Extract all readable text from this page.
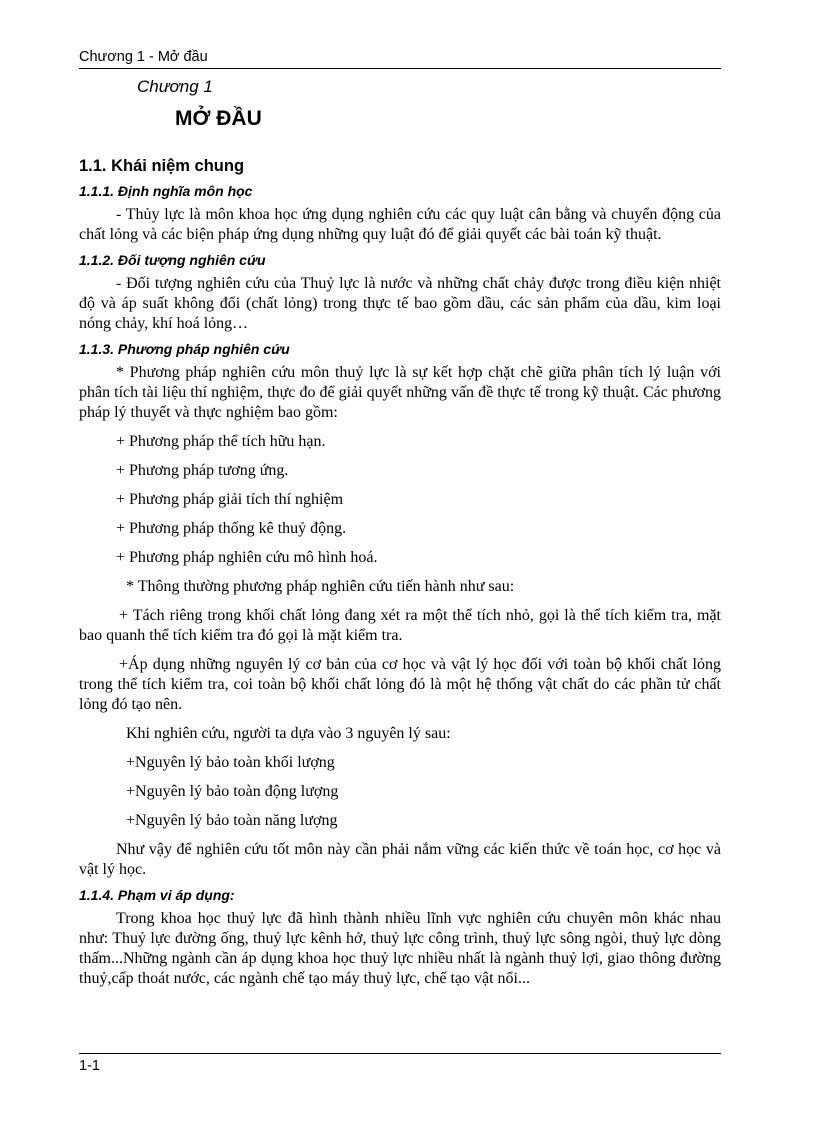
Chương 1 - Mở đầu
Chương 1
MỞ ĐẦU
1.1. Khái niệm chung
1.1.1. Định nghĩa môn học

- Thủy lực là môn khoa học ứng dụng nghiên cứu các quy luật cân bằng và chuyển động của chất lỏng và các biện pháp ứng dụng những quy luật đó để giải quyết các bài toán kỹ thuật.

1.1.2. Đối tượng nghiên cứu

- Đối tượng nghiên cứu của Thuỷ lực là nước và những chất chảy được trong điều kiện nhiệt độ và áp suất không đổi (chất lỏng) trong thực tế bao gồm dầu, các sản phẩm của dầu, kim loại nóng chảy, khí hoá lỏng…

1.1.3. Phương pháp nghiên cứu

* Phương pháp nghiên cứu môn thuỷ lực là sự kết hợp chặt chẽ giữa phân tích lý luận với phân tích tài liệu thí nghiệm, thực đo để giải quyết những vấn đề thực tế trong kỹ thuật. Các phương pháp lý thuyết và thực nghiệm bao gồm:

+ Phương pháp thể tích hữu hạn.

+ Phương pháp tương ứng.

+ Phương pháp giải tích thí nghiệm

+ Phương pháp thống kê thuỷ động.

+ Phương pháp nghiên cứu mô hình hoá.

* Thông thường phương pháp nghiên cứu tiến hành như sau:

+ Tách riêng trong khối chất lỏng đang xét ra một thể tích nhỏ, gọi là thể tích kiểm tra, mặt bao quanh thể tích kiểm tra đó gọi là mặt kiểm tra.

+Áp dụng những nguyên lý cơ bản của cơ học và vật lý học đối với toàn bộ khối chất lỏng trong thể tích kiểm tra, coi toàn bộ khối chất lỏng đó là một hệ thống vật chất do các phần tử chất lỏng đó tạo nên.

Khi nghiên cứu, người ta dựa vào 3 nguyên lý sau:

+Nguyên lý bảo toàn khối lượng

+Nguyên lý bảo toàn động lượng

+Nguyên lý bảo toàn năng lượng

Như vậy để nghiên cứu tốt môn này cần phải nắm vững các kiến thức về toán học, cơ học và vật lý học.

1.1.4. Phạm vi áp dụng:

Trong khoa học thuỷ lực đã hình thành nhiều lĩnh vực nghiên cứu chuyên môn khác nhau như: Thuỷ lực đường ống, thuỷ lực kênh hở, thuỷ lực công trình, thuỷ lực sông ngòi, thuỷ lực dòng thấm...Những ngành cần áp dụng khoa học thuỷ lực nhiều nhất là ngành thuỷ lợi, giao thông đường thuỷ,cấp thoát nước, các ngành chế tạo máy thuỷ lực, chế tạo vật nổi...

1-1
